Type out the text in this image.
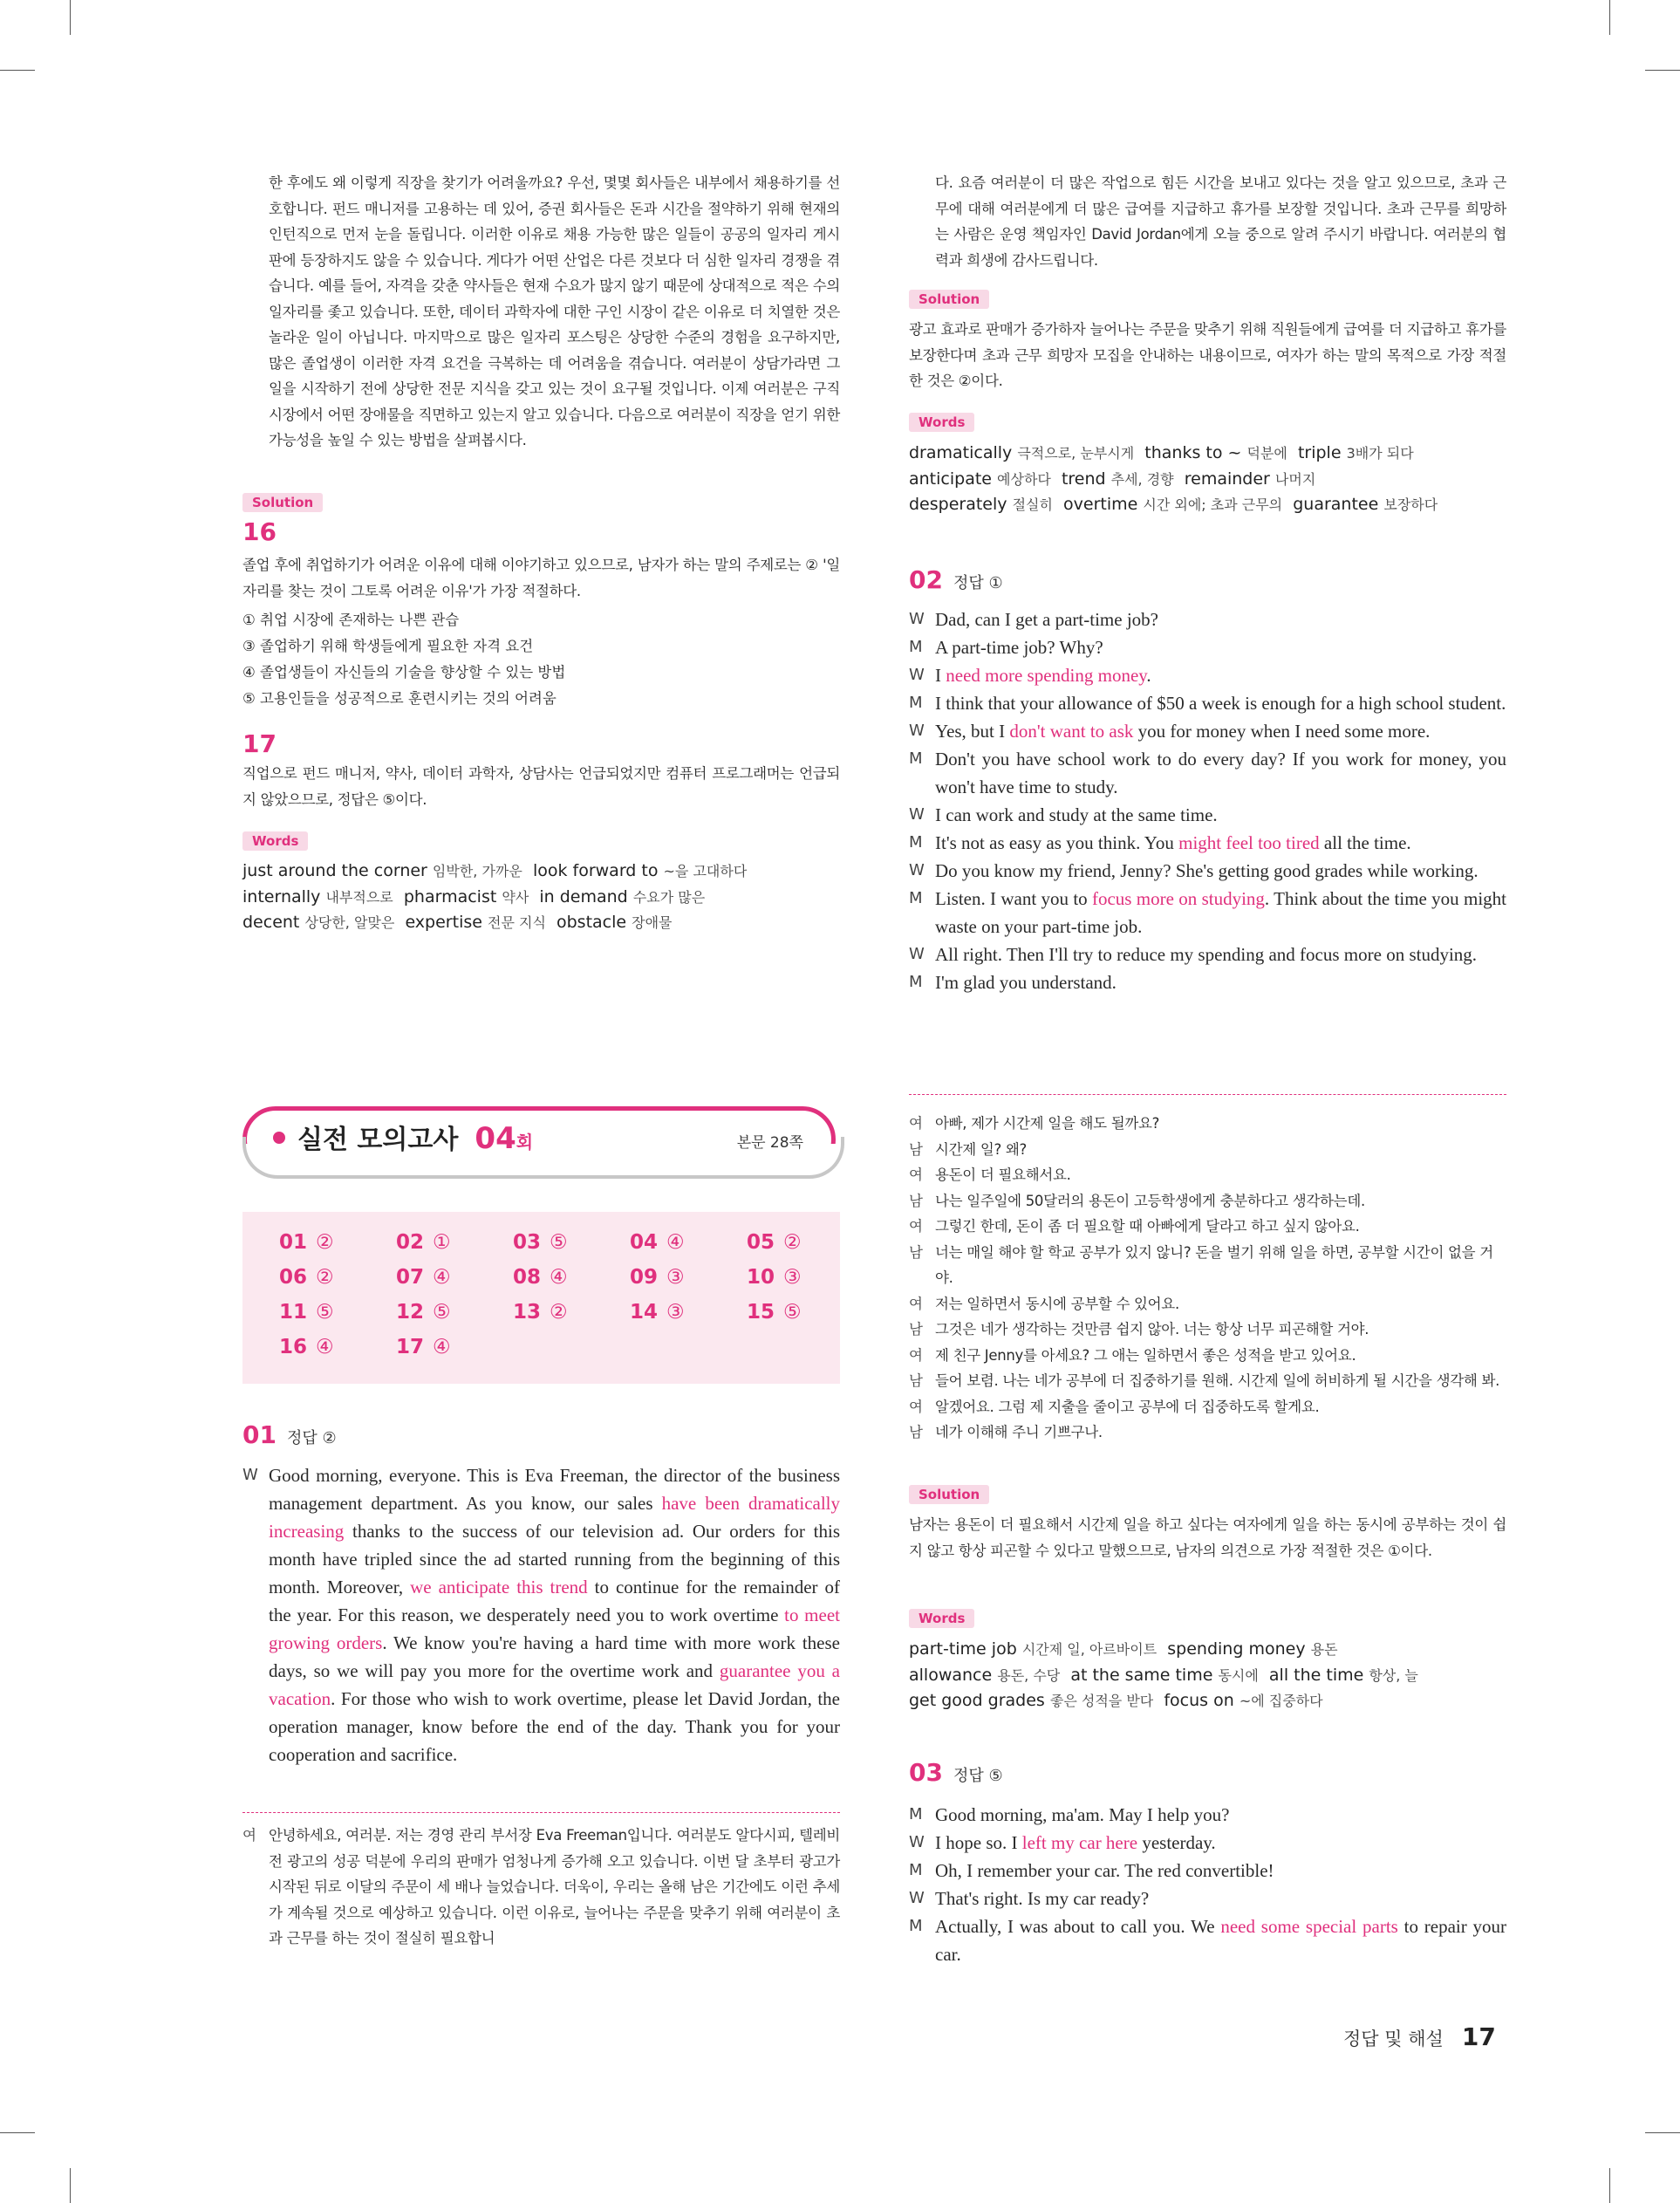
한 후에도 왜 이렇게 직장을 찾기가 어려울까요? 우선, 몇몇 회사들은 내부에서 채용하기를 선호합니다. 펀드 매니저를 고용하는 데 있어, 증권 회사들은 돈과 시간을 절약하기 위해 현재의 인턴직으로 먼저 눈을 돌립니다. 이러한 이유로 채용 가능한 많은 일들이 공공의 일자리 게시판에 등장하지도 않을 수 있습니다. 게다가 어떤 산업은 다른 것보다 더 심한 일자리 경쟁을 겪습니다. 예를 들어, 자격을 갖춘 약사들은 현재 수요가 많지 않기 때문에 상대적으로 적은 수의 일자리를 좇고 있습니다. 또한, 데이터 과학자에 대한 구인 시장이 같은 이유로 더 치열한 것은 놀라운 일이 아닙니다. 마지막으로 많은 일자리 포스팅은 상당한 수준의 경험을 요구하지만, 많은 졸업생이 이러한 자격 요건을 극복하는 데 어려움을 겪습니다. 여러분이 상담가라면 그 일을 시작하기 전에 상당한 전문 지식을 갖고 있는 것이 요구될 것입니다. 이제 여러분은 구직 시장에서 어떤 장애물을 직면하고 있는지 알고 있습니다. 다음으로 여러분이 직장을 얻기 위한 가능성을 높일 수 있는 방법을 살펴봅시다.

Solution
16

졸업 후에 취업하기가 어려운 이유에 대해 이야기하고 있으므로, 남자가 하는 말의 주제로는 ② '일자리를 찾는 것이 그토록 어려운 이유'가 가장 적절하다.

① 취업 시장에 존재하는 나쁜 관습
③ 졸업하기 위해 학생들에게 필요한 자격 요건
④ 졸업생들이 자신들의 기술을 향상할 수 있는 방법
⑤ 고용인들을 성공적으로 훈련시키는 것의 어려움
17

직업으로 펀드 매니저, 약사, 데이터 과학자, 상담사는 언급되었지만 컴퓨터 프로그래머는 언급되지 않았으므로, 정답은 ⑤이다.

Words
just around the corner 임박한, 가까운 look forward to ~을 고대하다
internally 내부적으로 pharmacist 약사 in demand 수요가 많은
decent 상당한, 알맞은 expertise 전문 지식 obstacle 장애물
실전 모의고사 04회	본문 28쪽
01 ②	02 ①	03 ⑤	04 ④	05 ②
06 ②	07 ④	08 ④	09 ③	10 ③
11 ⑤	12 ⑤	13 ②	14 ③	15 ⑤
16 ④	17 ④
01 정답 ②
W Good morning, everyone. This is Eva Freeman, the director of the business management department. As you know, our sales have been dramatically increasing thanks to the success of our television ad. Our orders for this month have tripled since the ad started running from the beginning of this month. Moreover, we anticipate this trend to continue for the remainder of the year. For this reason, we desperately need you to work overtime to meet growing orders. We know you're having a hard time with more work these days, so we will pay you more for the overtime work and guarantee you a vacation. For those who wish to work overtime, please let David Jordan, the operation manager, know before the end of the day. Thank you for your cooperation and sacrifice.
여 안녕하세요, 여러분. 저는 경영 관리 부서장 Eva Freeman입니다. 여러분도 알다시피, 텔레비전 광고의 성공 덕분에 우리의 판매가 엄청나게 증가해 오고 있습니다. 이번 달 초부터 광고가 시작된 뒤로 이달의 주문이 세 배나 늘었습니다. 더욱이, 우리는 올해 남은 기간에도 이런 추세가 계속될 것으로 예상하고 있습니다. 이런 이유로, 늘어나는 주문을 맞추기 위해 여러분이 초과 근무를 하는 것이 절실히 필요합니

다. 요즘 여러분이 더 많은 작업으로 힘든 시간을 보내고 있다는 것을 알고 있으므로, 초과 근무에 대해 여러분에게 더 많은 급여를 지급하고 휴가를 보장할 것입니다. 초과 근무를 희망하는 사람은 운영 책임자인 David Jordan에게 오늘 중으로 알려 주시기 바랍니다. 여러분의 협력과 희생에 감사드립니다.

Solution

광고 효과로 판매가 증가하자 늘어나는 주문을 맞추기 위해 직원들에게 급여를 더 지급하고 휴가를 보장한다며 초과 근무 희망자 모집을 안내하는 내용이므로, 여자가 하는 말의 목적으로 가장 적절한 것은 ②이다.

Words
dramatically 극적으로, 눈부시게 thanks to ~ 덕분에 triple 3배가 되다
anticipate 예상하다 trend 추세, 경향 remainder 나머지
desperately 절실히 overtime 시간 외에; 초과 근무의 guarantee 보장하다
02 정답 ①
W Dad, can I get a part-time job?
M A part-time job? Why?
W I need more spending money.
M I think that your allowance of $50 a week is enough for a high school student.
W Yes, but I don't want to ask you for money when I need some more.
M Don't you have school work to do every day? If you work for money, you won't have time to study.
W I can work and study at the same time.
M It's not as easy as you think. You might feel too tired all the time.
W Do you know my friend, Jenny? She's getting good grades while working.
M Listen. I want you to focus more on studying. Think about the time you might waste on your part-time job.
W All right. Then I'll try to reduce my spending and focus more on studying.
M I'm glad you understand.
여 아빠, 제가 시간제 일을 해도 될까요?
남 시간제 일? 왜?
여 용돈이 더 필요해서요.
남 나는 일주일에 50달러의 용돈이 고등학생에게 충분하다고 생각하는데.
여 그렇긴 한데, 돈이 좀 더 필요할 때 아빠에게 달라고 하고 싶지 않아요.
남 너는 매일 해야 할 학교 공부가 있지 않니? 돈을 벌기 위해 일을 하면, 공부할 시간이 없을 거야.
여 저는 일하면서 동시에 공부할 수 있어요.
남 그것은 네가 생각하는 것만큼 쉽지 않아. 너는 항상 너무 피곤해할 거야.
여 제 친구 Jenny를 아세요? 그 애는 일하면서 좋은 성적을 받고 있어요.
남 들어 보렴. 나는 네가 공부에 더 집중하기를 원해. 시간제 일에 허비하게 될 시간을 생각해 봐.
여 알겠어요. 그럼 제 지출을 줄이고 공부에 더 집중하도록 할게요.
남 네가 이해해 주니 기쁘구나.
Solution

남자는 용돈이 더 필요해서 시간제 일을 하고 싶다는 여자에게 일을 하는 동시에 공부하는 것이 쉽지 않고 항상 피곤할 수 있다고 말했으므로, 남자의 의견으로 가장 적절한 것은 ①이다.

Words
part-time job 시간제 일, 아르바이트 spending money 용돈
allowance 용돈, 수당 at the same time 동시에 all the time 항상, 늘
get good grades 좋은 성적을 받다 focus on ~에 집중하다
03 정답 ⑤
M Good morning, ma'am. May I help you?
W I hope so. I left my car here yesterday.
M Oh, I remember your car. The red convertible!
W That's right. Is my car ready?
M Actually, I was about to call you. We need some special parts to repair your car.
정답 및 해설 17
